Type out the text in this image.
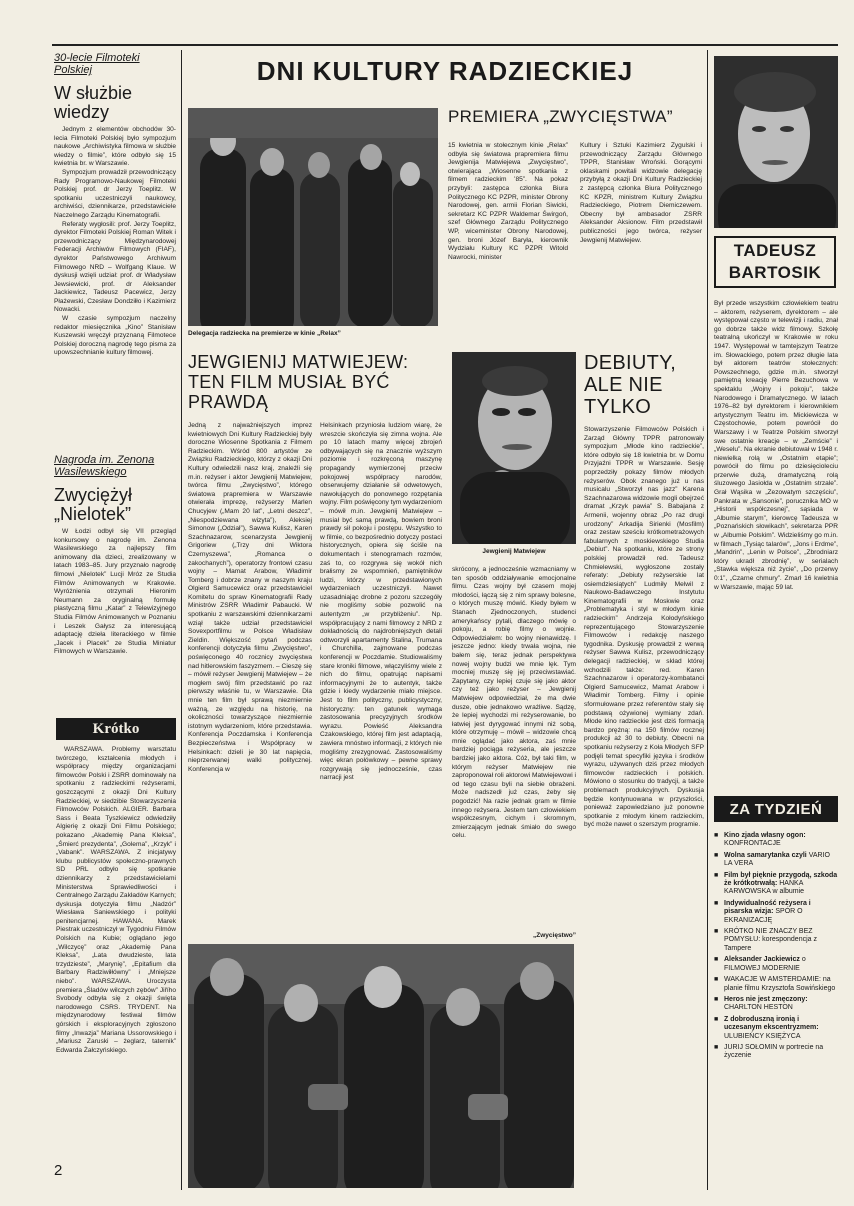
30-lecie Filmoteki Polskiej
W służbie wiedzy

Jednym z elementów obchodów 30-lecia Filmoteki Polskiej było sympozjum naukowe „Archiwistyka filmowa w służbie wiedzy o filmie”, które odbyło się 15 kwietnia br. w Warszawie.

Sympozjum prowadził przewodniczący Rady Programowo-Naukowej Filmoteki Polskiej prof. dr Jerzy Toeplitz. W spotkaniu uczestniczyli naukowcy, archiwiści, dziennikarze, przedstawiciele Naczelnego Zarządu Kinematografii.

Referaty wygłosili: prof. Jerzy Toeplitz, dyrektor Filmoteki Polskiej Roman Witek i przewodniczący Międzynarodowej Federacji Archiwów Filmowych (FIAF), dyrektor Państwowego Archiwum Filmowego NRD – Wolfgang Klaue. W dyskusji wzięli udział: prof. dr Władysław Jewsiewicki, prof. dr Aleksander Jackiewicz, Tadeusz Pacewicz, Jerzy Płażewski, Czesław Dondziłło i Kazimierz Nowacki.

W czasie sympozjum naczelny redaktor miesięcznika „Kino” Stanisław Kuszewski wręczył przyznaną Filmotece Polskiej doroczną nagrodę tego pisma za upowszechnianie kultury filmowej.

Nagroda im. Zenona Wasilewskiego
Zwyciężył „Nielotek”

W Łodzi odbył się VII przegląd konkursowy o nagrodę im. Zenona Wasilewskiego za najlepszy film animowany dla dzieci, zrealizowany w latach 1983–85. Jury przyznało nagrodę filmowi „Nielotek” Lucji Mróz ze Studia Filmów Animowanych w Krakowie. Wyróżnienia otrzymali Hieronim Neumann za oryginalną formułę plastyczną filmu „Katar” z Telewizyjnego Studia Filmów Animowanych w Poznaniu i Leszek Gałysz za interesującą adaptację dzieła literackiego w filmie „Jacek i Placek” ze Studia Miniatur Filmowych w Warszawie.

Krótko

WARSZAWA. Problemy warsztatu twórczego, kształcenia młodych i współpracy między organizacjami filmowców Polski i ZSRR dominowały na spotkaniu z radzieckimi reżyserami, goszczącymi z okazji Dni Kultury Radzieckiej, w siedzibie Stowarzyszenia Filmowców Polskich. ALGIER. Barbara Sass i Beata Tyszkiewicz odwiedziły Algierię z okazji Dni Filmu Polskiego; pokazano „Akademię Pana Kleksa”, „Śmierć prezydenta”, „Golema”, „Krzyk” i „Vabank”. WARSZAWA. Z inicjatywy klubu publicystów społeczno-prawnych SD PRL odbyło się spotkanie dziennikarzy z przedstawicielami Ministerstwa Sprawiedliwości i Centralnego Zarządu Zakładów Karnych; dyskusja dotyczyła filmu „Nadzór” Wiesława Saniewskiego i polityki penitencjarnej. HAWANA. Marek Piestrak uczestniczył w Tygodniu Filmów Polskich na Kubie; oglądano jego „Wilczycę” oraz „Akademię Pana Kleksa”, „Lata dwudzieste, lata trzydzieste”, „Marynię”, „Epitafium dla Barbary Radziwiłłówny” i „Mniejsze niebo”. WARSZAWA. Uroczysta premiera „Śladów wilczych zębów” Jiřího Svobody odbyła się z okazji święta narodowego CSRS. TRYDENT. Na międzynarodowy festiwal filmów górskich i eksploracyjnych zgłoszono filmy „Inwazja” Mariana Ussorowskiego i „Mariusz Zaruski – żeglarz, taternik” Edwarda Żałczyńskiego.

DNI KULTURY RADZIECKIEJ
Delegacja radziecka na premierze w kinie „Relax”
PREMIERA „ZWYCIĘSTWA”
15 kwietnia w stołecznym kinie „Relax” odbyła się światowa prapremiera filmu Jewgienija Matwiejewa „Zwycięstwo”, otwierająca „Wiosenne spotkania z filmem radzieckim ’85”. Na pokaz przybyli: zastępca członka Biura Politycznego KC PZPR, minister Obrony Narodowej, gen. armii Florian Siwicki, sekretarz KC PZPR Waldemar Świrgoń, szef Głównego Zarządu Politycznego WP, wiceminister Obrony Narodowej, gen. broni Józef Baryła, kierownik Wydziału Kultury KC PZPR Witold Nawrocki, minister
Kultury i Sztuki Kazimierz Żygulski i przewodniczący Zarządu Głównego TPPR, Stanisław Wroński. Gorącymi oklaskami powitali widzowie delegację przybyłą z okazji Dni Kultury Radzieckiej z zastępcą członka Biura Politycznego KC KPZR, ministrem Kultury Związku Radzieckiego, Piotrem Diemiczewem. Obecny był ambasador ZSRR Aleksander Aksionow. Film przedstawił publiczności jego twórca, reżyser Jewgienij Matwiejew.
JEWGIENIJ MATWIEJEW: TEN FILM MUSIAŁ BYĆ PRAWDĄ
Jedną z najważniejszych imprez kwietniowych Dni Kultury Radzieckiej były doroczne Wiosenne Spotkania z Filmem Radzieckim. Wśród 800 artystów ze Związku Radzieckiego, którzy z okazji Dni Kultury odwiedzili nasz kraj, znaleźli się m.in. reżyser i aktor Jewgienij Matwiejew, twórca filmu „Zwycięstwo”, którego światowa prapremiera w Warszawie otwierała imprezę, reżyserzy Marlen Chucyjew („Mam 20 lat”, „Letni deszcz”, „Niespodziewana wizyta”), Aleksiej Simonow („Odział”), Sawwa Kulisz, Karen Szachnazarow, scenarzysta Jewgienij Grigoriew („Trzy dni Wiktora Czernyszewa”, „Romanca o zakochanych”), operatorzy frontowi czasu wojny – Mamat Arabow, Władimir Tomberg i dobrze znany w naszym kraju Olgierd Samucewicz oraz przedstawiciel Komitetu do spraw Kinematografii Rady Ministrów ZSRR Władimir Pabaucki. W spotkaniu z warszawskimi dziennikarzami wziął także udział przedstawiciel Sovexportfilmu w Polsce Władisław Zieldin. Większość pytań podczas konferencji dotyczyła filmu „Zwycięstwo”, poświęconego 40 rocznicy zwycięstwa nad hitlerowskim faszyzmem. – Cieszę się – mówił reżyser Jewgienij Matwiejew – że mogłem swój film przedstawić po raz pierwszy właśnie tu, w Warszawie. Dla mnie ten film był sprawą niezmiernie ważną, ze względu na historię, na okoliczności towarzyszące niezmiernie istotnym wydarzeniom, które przedstawia. Konferencja Poczdamska i Konferencja Bezpieczeństwa i Współpracy w Helsinkach: dzieli je 30 lat napięcia, nieprzerwanej walki politycznej. Konferencja w
Helsinkach przyniosła ludziom wiarę, że wreszcie skończyła się zimna wojna. Ale po 10 latach mamy więcej zbrojeń odbywających się na znacznie wyższym poziomie i rozkręconą maszynę propagandy wymierzonej przeciw pokojowej współpracy narodów, obserwujemy działanie sił odwetowych, nawołujących do ponownego rozpętania wojny. Film poświęcony tym wydarzeniom – mówił m.in. Jewgienij Matwiejew – musiał być samą prawdą, bowiem broni prawdy sił pokoju i postępu. Wszystko to w filmie, co bezpośrednio dotyczy postaci historycznych, opiera się ściśle na dokumentach i stenogramach rozmów, zaś to, co rozgrywa się wokół nich brałismy ze wspomnień, pamiętników ludzi, którzy w przedstawionych wydarzeniach uczestniczyli. Nawet uzasadniając drobne z pozoru szczegóły nie mogliśmy sobie pozwolić na autentyzm „w przybliżeniu”. Np. współpracujący z nami filmowcy z NRD z dokładnością do najdrobniejszych detali odtworzyli apartamenty Stalina, Trumana i Churchilla, zajmowane podczas konferencji w Poczdamie. Studiowaliśmy stare kroniki filmowe, włączyliśmy wiele z nich do filmu, opatrując napisami informacyjnymi że to autentyk, także gdzie i kiedy wydarzenie miało miejsce. Jest to film polityczny, publicystyczny, historyczny: ten gatunek wymaga zastosowania precyzyjnych środków wyrazu. Powieść Aleksandra Czakowskiego, której film jest adaptacją, zawiera mnóstwo informacji, z których nie mogliśmy zrezygnować. Zastosowaliśmy więc ekran połówkowy – pewne sprawy rozgrywają się jednocześnie, czas narracji jest
skrócony, a jednocześnie wzmacniamy w ten sposób oddziaływanie emocjonalne filmu. Czas wojny był czasem mojej młodości, łączą się z nim sprawy bolesne, o których muszę mówić. Kiedy byłem w Stanach Zjednoczonych, studenci amerykańscy pytali, dlaczego mówię o pokoju, a robię filmy o wojnie. Odpowiedziałem: bo wojny nienawidzę. I jeszcze jedno: kiedy trwała wojna, nie bałem się, teraz jednak perspektywa nowej wojny budzi we mnie lęk. Tym mocniej muszę się jej przeciwstawiać. Zapytany, czy lepiej czuje się jako aktor czy też jako reżyser – Jewgienij Matwiejew odpowiedział, że ma dwie dusze, obie jednakowo wrażliwe. Sądzę, że lepiej wychodzi mi reżyserowanie, bo łatwiej jest dyrygować innymi niż sobą, które otrzymuję – mówił – widzowie chcą mnie oglądać jako aktora, zaś mnie bardziej pociąga reżyseria, ale jeszcze bardziej jako aktora. Cóż, był taki film, w którym reżyser Matwiejew nie zaproponował roli aktorowi Matwiejewowi i od tego czasu byli na siebie obrażeni. Może nadszedł już czas, żeby się pogodzić! Na razie jednak gram w filmie innego reżysera. Jestem tam człowiekiem współczesnym, cichym i skromnym, zmierzającym jednak śmiało do swego celu.
Jewgienij Matwiejew
DEBIUTY, ALE NIE TYLKO
Stowarzyszenie Filmowców Polskich i Zarząd Główny TPPR patronowały sympozjum „Młode kino radzieckie”, które odbyło się 18 kwietnia br. w Domu Przyjaźni TPPR w Warszawie. Sesję poprzedziły pokazy filmów młodych reżyserów. Obok znanego już u nas musicalu „Stworzył nas jazz” Karena Szachnazarowa widzowie mogli obejrzeć dramat „Krzyk pawia” S. Babajana z Armenii, wojenny obraz „Po raz drugi urodzony” Arkadija Sirienki (Mosfilm) oraz zestaw sześciu krótkometrażowych fabularnych z moskiewskiego Studia „Debiut”. Na spotkaniu, które ze strony polskiej prowadził red. Tadeusz Chmielewski, wygłoszone zostały referaty: „Debiuty reżyserskie lat osiemdziesiątych” Ludmiły Melwil z Naukowo-Badawczego Instytutu Kinematografii w Moskwie oraz „Problematyka i styl w młodym kinie radzieckim” Andrzeja Kołodyńskiego reprezentującego Stowarzyszenie Filmowców i redakcję naszego tygodnika. Dyskusję prowadził z werwą reżyser Sawwa Kulisz, przewodniczący delegacji radzieckiej, w skład której wchodzili także: red. Karen Szachnazarow i operatorzy-kombatanci Olgierd Samucewicz, Mamat Arabow i Władimir Tomberg. Filmy i opinie sformułowane przez referentów stały się podstawą ożywionej wymiany zdań. Młode kino radzieckie jest dziś formacją bardzo prężną: na 150 filmów rocznej produkcji aż 30 to debiuty. Obecni na spotkaniu reżyserzy z Koła Młodych SFP podjęli temat specyfiki języka i środków wyrazu, używanych dziś przez młodych filmowców radzieckich i polskich. Mówiono o stosunku do tradycji, a także problemach produkcyjnych. Dyskusja będzie kontynuowana w przyszłości, ponieważ zapowiedziano już ponowne spotkanie z młodym kinem radzieckim, być może nawet o szerszym programie.
„Zwycięstwo”
TADEUSZ
BARTOSIK
Był przede wszystkim człowiekiem teatru – aktorem, reżyserem, dyrektorem – ale występował często w telewizji i radiu, znał go dobrze także widz filmowy. Szkołę teatralną ukończył w Krakowie w roku 1947. Występował w tamtejszym Teatrze im. Słowackiego, potem przez długie lata był aktorem teatrów stołecznych: Powszechnego, gdzie m.in. stworzył pamiętną kreację Pierre Bezuchowa w spektaklu „Wojny i pokoju”, także Narodowego i Dramatycznego. W latach 1976–82 był dyrektorem i kierownikiem artystycznym Teatru im. Mickiewicza w Częstochowie, potem powrócił do Warszawy i w Teatrze Polskim stworzył swe ostatnie kreacje – w „Zemście” i „Weselu”. Na ekranie debiutował w 1948 r. niewielką rolą w „Ostatnim etapie”; powrócił do filmu po dziesięcioleciu przerwie dużą, dramatyczną rolą śluzowego Jasiołda w „Ostatnim strzale”. Grał Wąsika w „Zezowatym szczęściu”, Pankrata w „Sansonie”, porucznika MO w „Historii współczesnej”, sąsiada w „Albumie starym”, kierowcę Tadeusza w „Poznańskich słowikach”, sekretarza PPR w „Albumie Polskim”. Widzieliśmy go m.in. w filmach „Tysiąc talarów”, „Jons i Erdme”, „Mandrin”, „Lenin w Polsce”, „Zbrodniarz który ukradł zbrodnię”, w serialach „Stawka większa niż życie”, „Do przerwy 0:1”, „Czarne chmury”. Zmarł 16 kwietnia w Warszawie, mając 59 lat.
ZA TYDZIEŃ
■ Kino zjada własny ogon: KONFRONTACJE
■ Wolna samarytanka czyli VARIO LA VERA
■ Film był pięknie przygodą, szkoda że krótkotrwałą: HANKA KARWOWSKA w albumie
■ Indywidualność reżysera i pisarska wizja: SPÓR O EKRANIZACJĘ
■ KRÓTKO NIE ZNACZY BEZ POMYSŁU: korespondencja z Tampere
■ Aleksander Jackiewicz o FILMOWEJ MODERNIE
■ WAKACJE W AMSTERDAMIE: na planie filmu Krzysztofa Sowińskiego
■ Heros nie jest zmęczony: CHARLTON HESTON
■ Z dobroduszną ironią i uczesanym ekscentryzmem: ULUBIEŃCY KSIĘŻYCA
■ JURIJ SOŁOMIN w portrecie na życzenie
2
